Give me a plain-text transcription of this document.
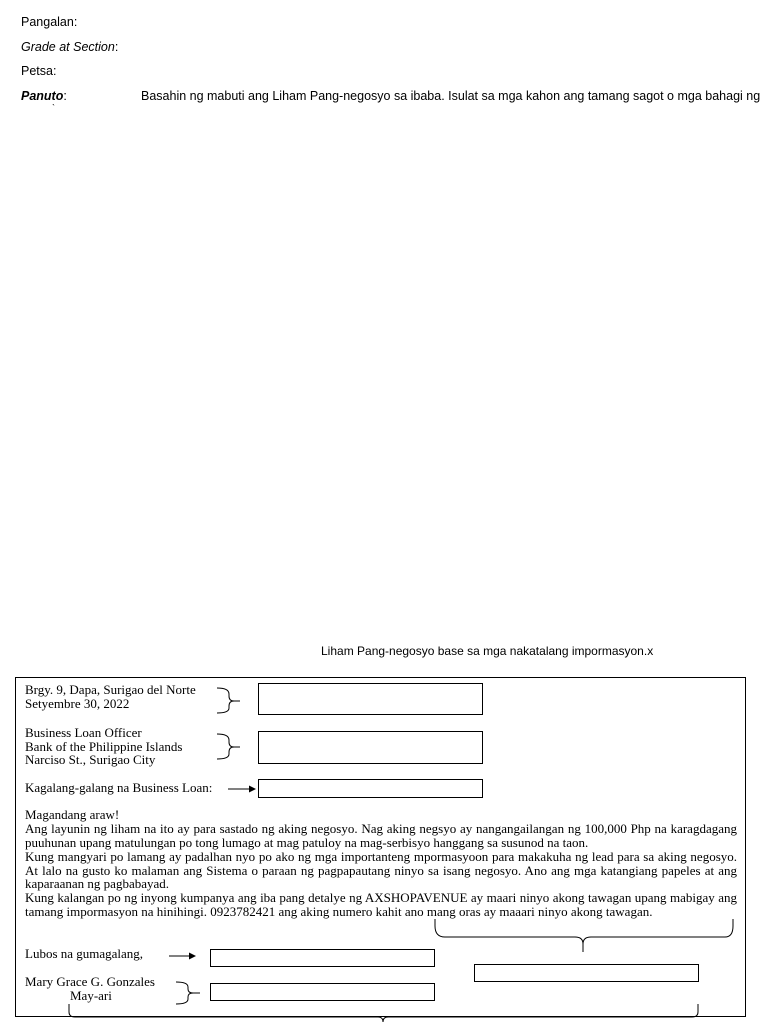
Pangalan:
Grade at Section:
Petsa:
Panuto:	Basahin ng mabuti ang Liham Pang-negosyo sa ibaba. Isulat sa mga kahon ang tamang sagot o mga bahagi ng
`
Liham Pang-negosyo base sa mga nakatalang impormasyon.x
Brgy. 9, Dapa, Surigao del Norte
Setyembre 30, 2022
Business Loan Officer
Bank of the Philippine Islands
Narciso St., Surigao City
Kagalang-galang na Business Loan:
Magandang araw!
Ang layunin ng liham na ito ay para sastado ng aking negosyo. Nag aking negsyo ay nangangailangan ng 100,000 Php na karagdagang puuhunan upang matulungan po tong lumago at mag patuloy na mag-serbisyo hanggang sa susunod na taon.
Kung mangyari po lamang ay padalhan nyo po ako ng mga importanteng mpormasyoon para makakuha ng lead para sa aking negosyo. At lalo na gusto ko malaman ang Sistema o paraan ng pagpapautang ninyo sa isang negosyo. Ano ang mga katangiang papeles at ang kaparaanan ng pagbabayad.
Kung kalangan po ng inyong kumpanya ang iba pang detalye ng AXSHOPAVENUE ay maari ninyo akong tawagan upang mabigay ang tamang impormasyon na hinihingi. 0923782421 ang aking numero kahit ano mang oras ay maaari ninyo akong tawagan.
Lubos na gumagalang,
Mary Grace G. Gonzales
May-ari
